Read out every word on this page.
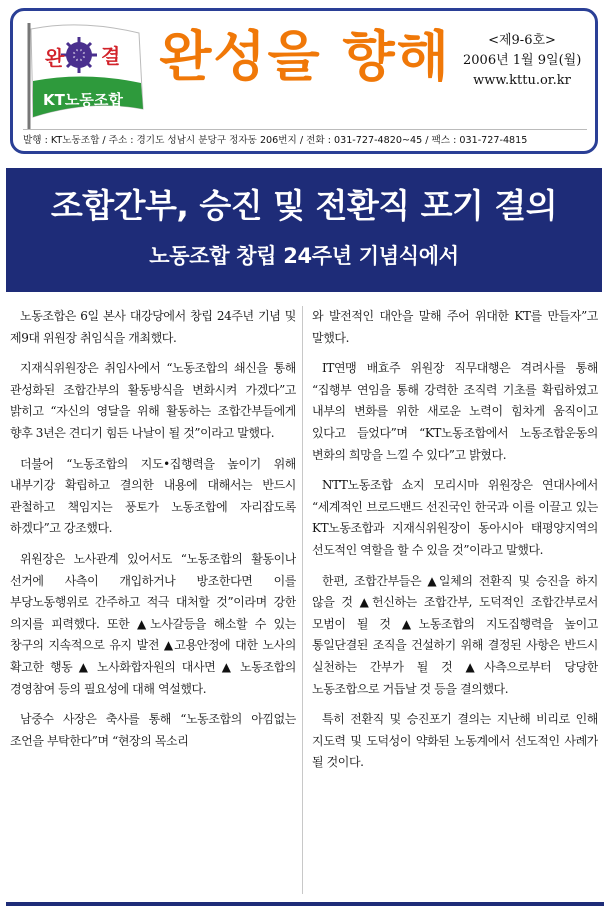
완 결
KT노동조합
완성을 향해	<제9-6호>
2006년 1월 9일(월)
www.kttu.or.kr
발행 : KT노동조합 / 주소 : 경기도 성남시 분당구 정자동 206번지 / 전화 : 031-727-4820~45 / 팩스 : 031-727-4815
조합간부, 승진 및 전환직 포기 결의
노동조합 창립 24주년 기념식에서

노동조합은 6일 본사 대강당에서 창립 24주년 기념 및 제9대 위원장 취임식을 개최했다.

지재식위원장은 취임사에서 “노동조합의 쇄신을 통해 관성화된 조합간부의 활동방식을 변화시켜 가겠다”고 밝히고 “자신의 영달을 위해 활동하는 조합간부들에게 향후 3년은 견디기 힘든 나날이 될 것”이라고 말했다.

더불어 “노동조합의 지도•집행력을 높이기 위해 내부기강 확립하고 결의한 내용에 대해서는 반드시 관철하고 책임지는 풍토가 노동조합에 자리잡도록 하겠다”고 강조했다.

위원장은 노사관계 있어서도 “노동조합의 활동이나 선거에 사측이 개입하거나 방조한다면 이를 부당노동행위로 간주하고 적극 대처할 것”이라며 강한 의지를 피력했다. 또한 ▲노사갈등을 해소할 수 있는 창구의 지속적으로 유지 발전 ▲고용안정에 대한 노사의 확고한 행동 ▲ 노사화합자원의 대사면 ▲ 노동조합의 경영참여 등의 필요성에 대해 역설했다.

남중수 사장은 축사를 통해 “노동조합의 아낌없는 조언을 부탁한다”며 “현장의 목소리

와 발전적인 대안을 말해 주어 위대한 KT를 만들자”고 말했다.

IT연맹 배효주 위원장 직무대행은 격려사를 통해 “집행부 연임을 통해 강력한 조직력 기초를 확립하였고 내부의 변화를 위한 새로운 노력이 힘차게 움직이고 있다고 들었다”며 “KT노동조합에서 노동조합운동의 변화의 희망을 느낄 수 있다”고 밝혔다.

NTT노동조합 쇼지 모리시마 위원장은 연대사에서 “세계적인 브로드밴드 선진국인 한국과 이를 이끌고 있는 KT노동조합과 지재식위원장이 동아시아 태평양지역의 선도적인 역할을 할 수 있을 것”이라고 말했다.

한편, 조합간부들은 ▲일체의 전환직 및 승진을 하지 않을 것 ▲헌신하는 조합간부, 도덕적인 조합간부로서 모범이 될 것 ▲노동조합의 지도집행력을 높이고 통일단결된 조직을 건설하기 위해 결정된 사항은 반드시 실천하는 간부가 될 것 ▲사측으로부터 당당한 노동조합으로 거듭날 것 등을 결의했다.

특히 전환직 및 승진포기 결의는 지난해 비리로 인해 지도력 및 도덕성이 약화된 노동계에서 선도적인 사례가 될 것이다.
